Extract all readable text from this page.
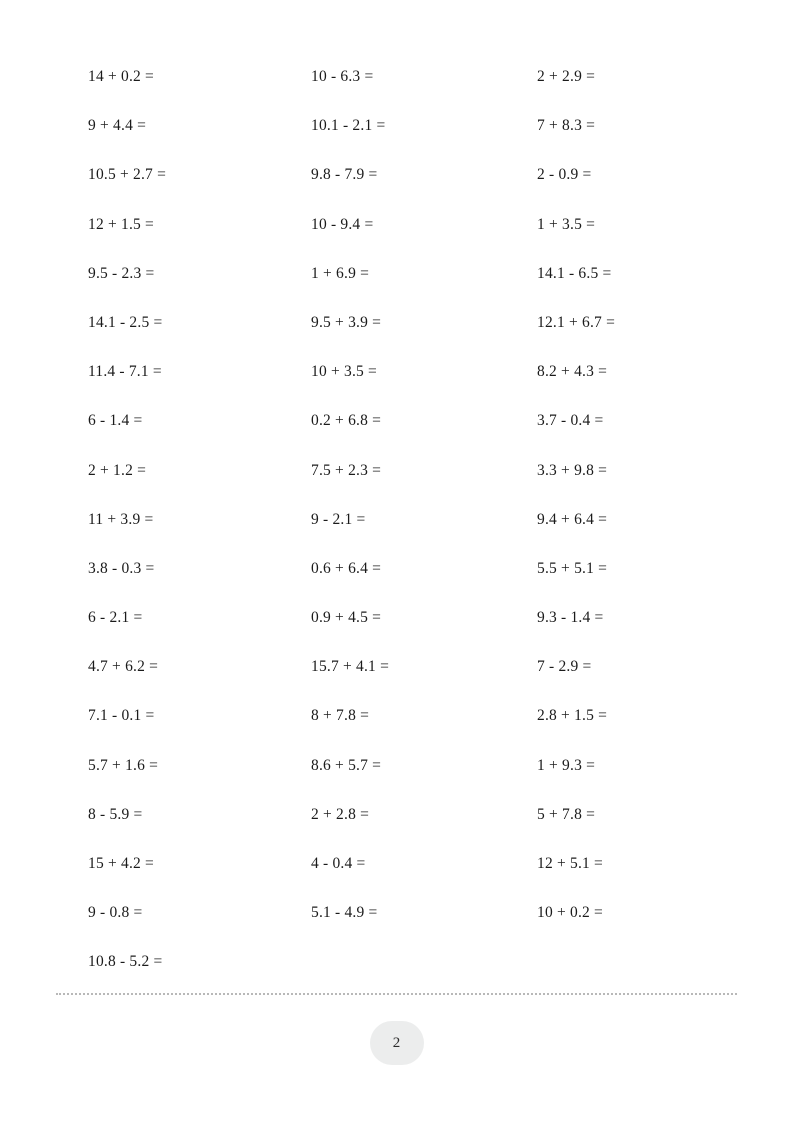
14 + 0.2 =
9 + 4.4 =
10.5 + 2.7 =
12 + 1.5 =
9.5 - 2.3 =
14.1 - 2.5 =
11.4 - 7.1 =
6 - 1.4 =
2 + 1.2 =
11 + 3.9 =
3.8 - 0.3 =
6 - 2.1 =
4.7 + 6.2 =
7.1 - 0.1 =
5.7 + 1.6 =
8 - 5.9 =
15 + 4.2 =
9 - 0.8 =
10.8 - 5.2 =
10 - 6.3 =
10.1 - 2.1 =
9.8 - 7.9 =
10 - 9.4 =
1 + 6.9 =
9.5 + 3.9 =
10 + 3.5 =
0.2 + 6.8 =
7.5 + 2.3 =
9 - 2.1 =
0.6 + 6.4 =
0.9 + 4.5 =
15.7 + 4.1 =
8 + 7.8 =
8.6 + 5.7 =
2 + 2.8 =
4 - 0.4 =
5.1 - 4.9 =
2 + 2.9 =
7 + 8.3 =
2 - 0.9 =
1 + 3.5 =
14.1 - 6.5 =
12.1 + 6.7 =
8.2 + 4.3 =
3.7 - 0.4 =
3.3 + 9.8 =
9.4 + 6.4 =
5.5 + 5.1 =
9.3 - 1.4 =
7 - 2.9 =
2.8 + 1.5 =
1 + 9.3 =
5 + 7.8 =
12 + 5.1 =
10 + 0.2 =
2
